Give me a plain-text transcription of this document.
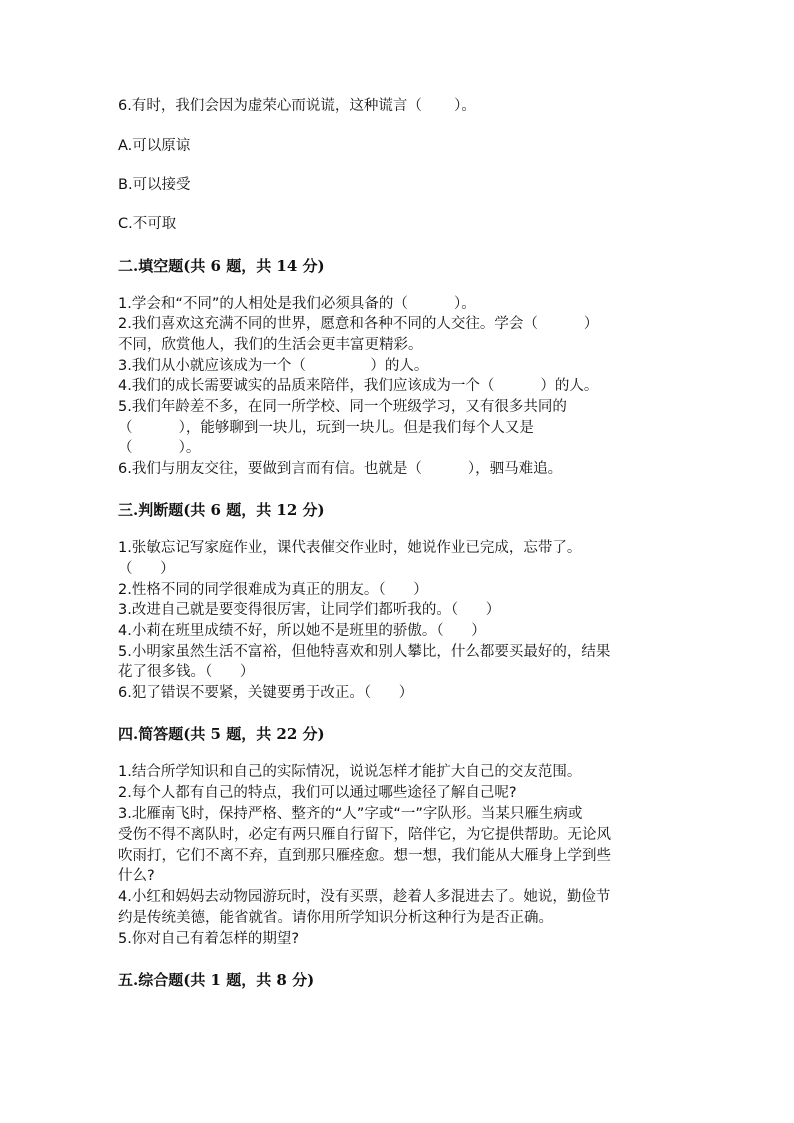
6.有时，我们会因为虚荣心而说谎，这种谎言（       ）。
A.可以原谅
B.可以接受
C.不可取
二.填空题(共 6 题，共 14 分)
1.学会和“不同”的人相处是我们必须具备的（          ）。
2.我们喜欢这充满不同的世界，愿意和各种不同的人交往。学会（          ）
不同，欣赏他人，我们的生活会更丰富更精彩。
3.我们从小就应该成为一个（              ）的人。
4.我们的成长需要诚实的品质来陪伴，我们应该成为一个（          ）的人。
5.我们年龄差不多，在同一所学校、同一个班级学习，又有很多共同的
（          ），能够聊到一块儿，玩到一块儿。但是我们每个人又是
（          ）。
6.我们与朋友交往，要做到言而有信。也就是（          ），驷马难追。
三.判断题(共 6 题，共 12 分)
1.张敏忘记写家庭作业，课代表催交作业时，她说作业已完成，忘带了。
（      ）
2.性格不同的同学很难成为真正的朋友。（      ）
3.改进自己就是要变得很厉害，让同学们都听我的。（      ）
4.小莉在班里成绩不好，所以她不是班里的骄傲。（      ）
5.小明家虽然生活不富裕，但他特喜欢和别人攀比，什么都要买最好的，结果
花了很多钱。（      ）
6.犯了错误不要紧，关键要勇于改正。（      ）
四.简答题(共 5 题，共 22 分)
1.结合所学知识和自己的实际情况，说说怎样才能扩大自己的交友范围。
2.每个人都有自己的特点，我们可以通过哪些途径了解自己呢?
3.北雁南飞时，保持严格、整齐的“人”字或“一”字队形。当某只雁生病或
受伤不得不离队时，必定有两只雁自行留下，陪伴它，为它提供帮助。无论风
吹雨打，它们不离不弃，直到那只雁痊愈。想一想，我们能从大雁身上学到些
什么?
4.小红和妈妈去动物园游玩时，没有买票，趁着人多混进去了。她说，勤俭节
约是传统美德，能省就省。请你用所学知识分析这种行为是否正确。
5.你对自己有着怎样的期望?
五.综合题(共 1 题，共 8 分)
